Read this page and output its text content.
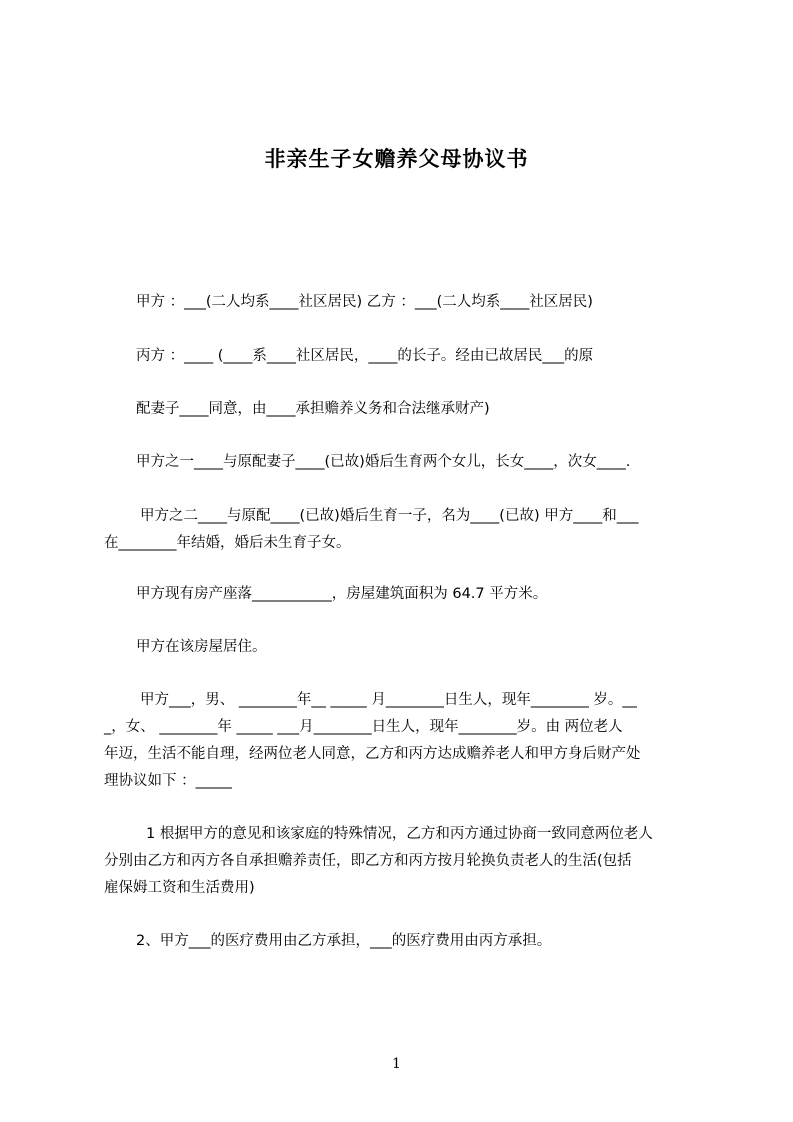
非亲生子女赡养父母协议书
甲方 ：___(二人均系____社区居民) 乙方 ：___(二人均系____社区居民)
丙方 ：____ (____系____社区居民，____的长子。经由已故居民___的原
配妻子____同意，由____承担赡养义务和合法继承财产)
甲方之一____与原配妻子____(已故)婚后生育两个女儿，长女____，次女____.
甲方之二____与原配____(已故)婚后生育一子，名为____(已故) 甲方____和___
在________年结婚，婚后未生育子女。
甲方现有房产座落___________，房屋建筑面积为 64.7 平方米。
甲方在该房屋居住。
甲方___，男、 ________年__ _____ 月________日生人，现年________ 岁。__
_，女、 ________年 _____ ___月________日生人，现年________岁。由 两位老人
年迈，生活不能自理，经两位老人同意，乙方和丙方达成赡养老人和甲方身后财产处
理协议如下 ：_____
1 根据甲方的意见和该家庭的特殊情况，乙方和丙方通过协商一致同意两位老人
分别由乙方和丙方各自承担赡养责任，即乙方和丙方按月轮换负责老人的生活(包括
雇保姆工资和生活费用)
2、甲方___的医疗费用由乙方承担，___的医疗费用由丙方承担。
1
